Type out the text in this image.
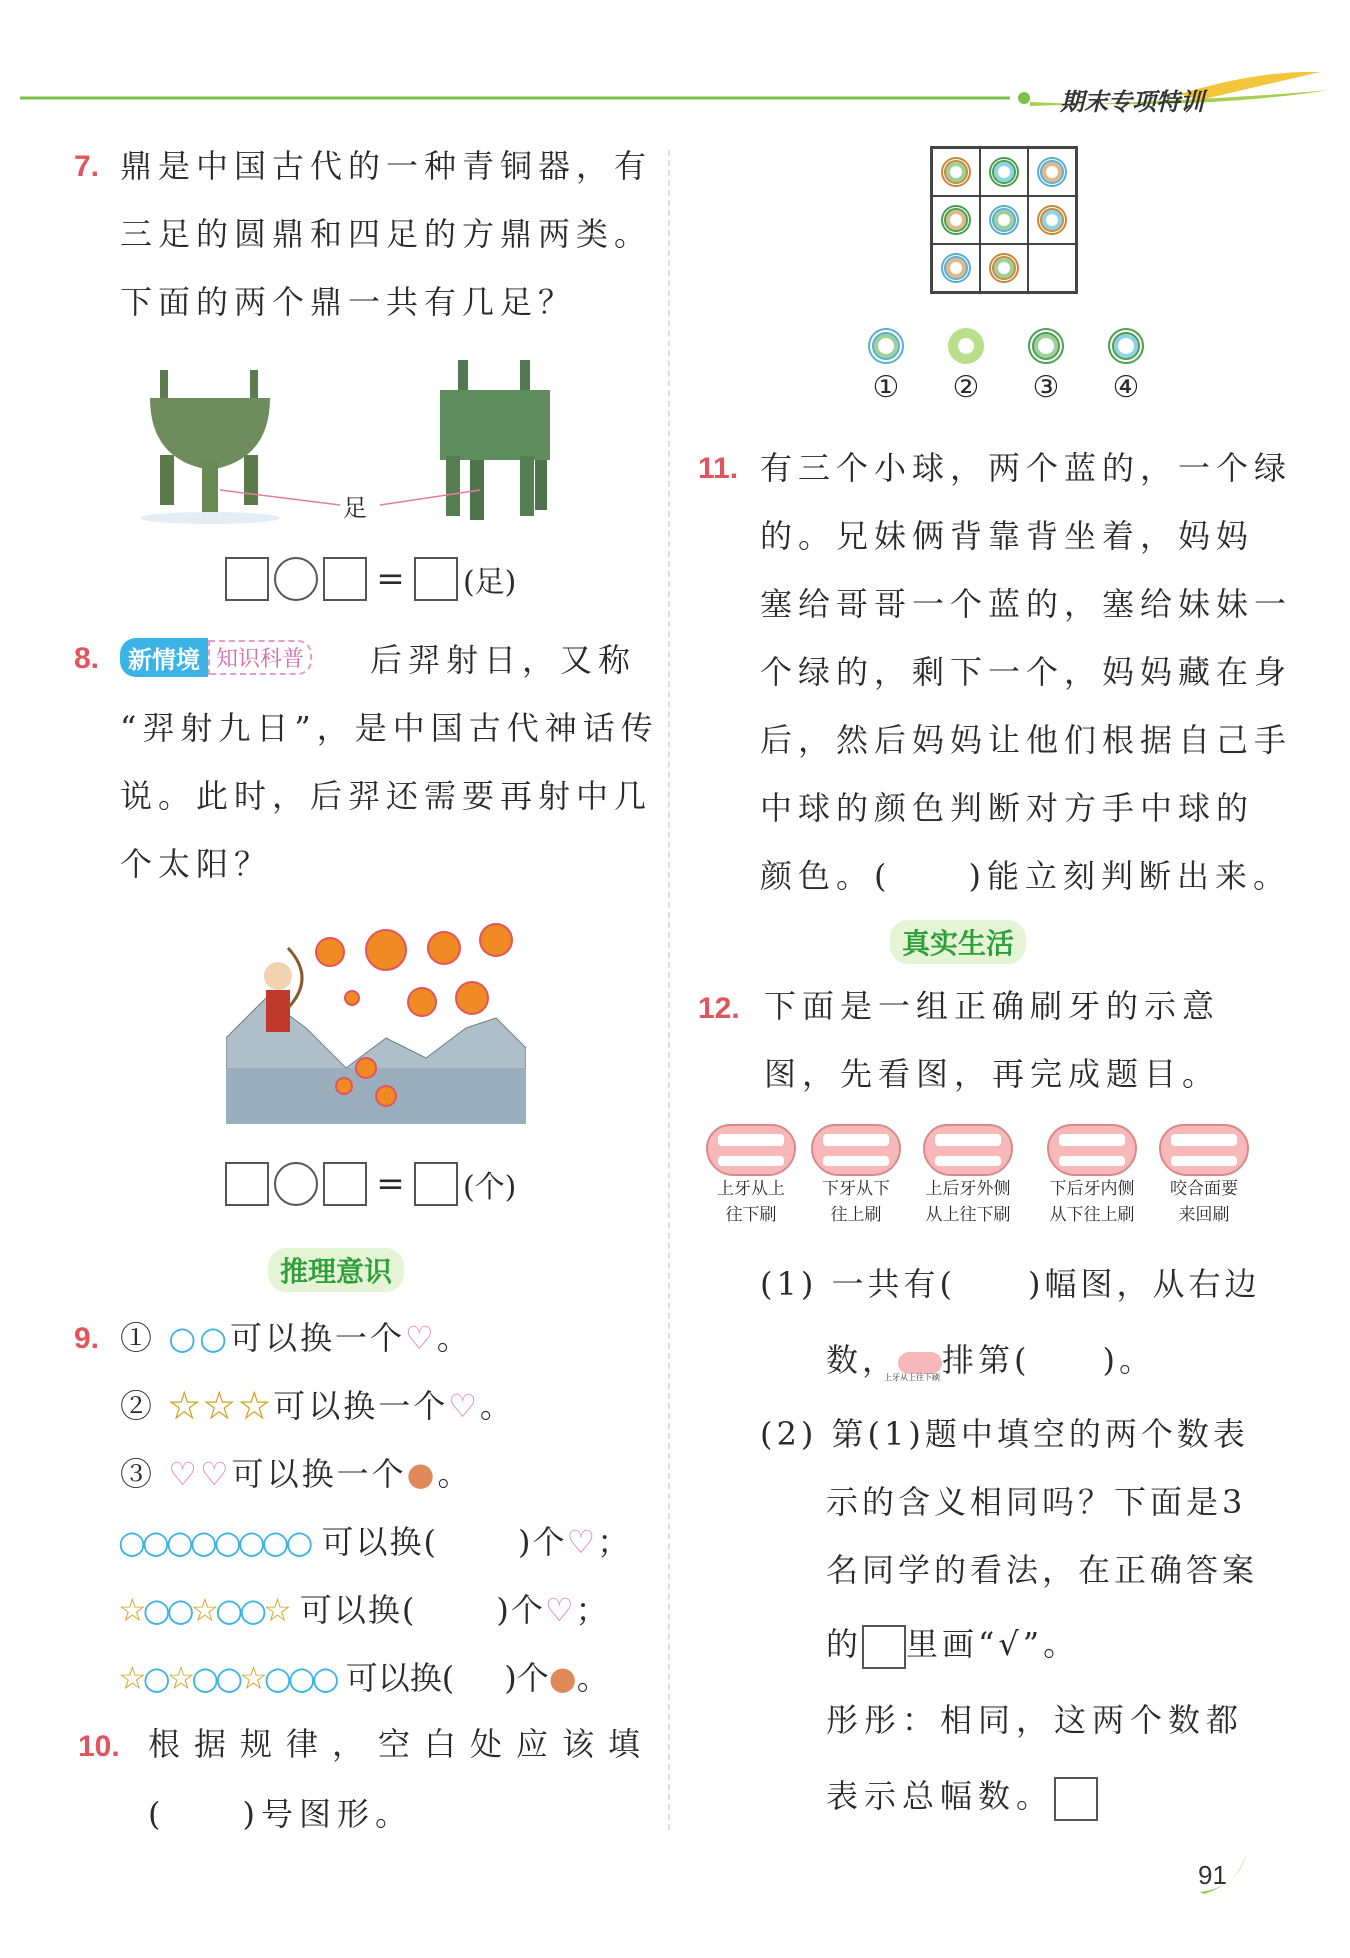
期末专项特训
7. 鼎是中国古代的一种青铜器，有
三足的圆鼎和四足的方鼎两类。
下面的两个鼎一共有几足？
足
= (足)
8.	新情境 知识科普 后羿射日，又称
“羿射九日”，是中国古代神话传
说。此时，后羿还需要再射中几
个太阳？
= (个)
推理意识
9. ① ○○可以换一个♡。
② ☆☆☆可以换一个♡。
③ ♡♡可以换一个●。
○○○○○○○○ 可以换(	)个♡；
☆○○☆○○☆ 可以换(	)个♡；
☆○☆○○☆○○○ 可以换( )个●。
10. 根据规律，空白处应该填
(　　)号图形。
① ② ③ ④
11. 有三个小球，两个蓝的，一个绿
的。兄妹俩背靠背坐着，妈妈
塞给哥哥一个蓝的，塞给妹妹一
个绿的，剩下一个，妈妈藏在身
后，然后妈妈让他们根据自己手
中球的颜色判断对方手中球的
颜色。(　　)能立刻判断出来。
真实生活
12. 下面是一组正确刷牙的示意
图，先看图，再完成题目。
上牙从上
往下刷
下牙从下
往上刷
上后牙外侧
从上往下刷
下后牙内侧
从下往上刷
咬合面要
来回刷
(1) 一共有(　　)幅图，从右边
数， 排第(　　)。
上牙从上往下刷
(2) 第(1)题中填空的两个数表
示的含义相同吗？下面是3
名同学的看法，在正确答案
的 里画“√”。
彤彤：相同，这两个数都
表示总幅数。
91
